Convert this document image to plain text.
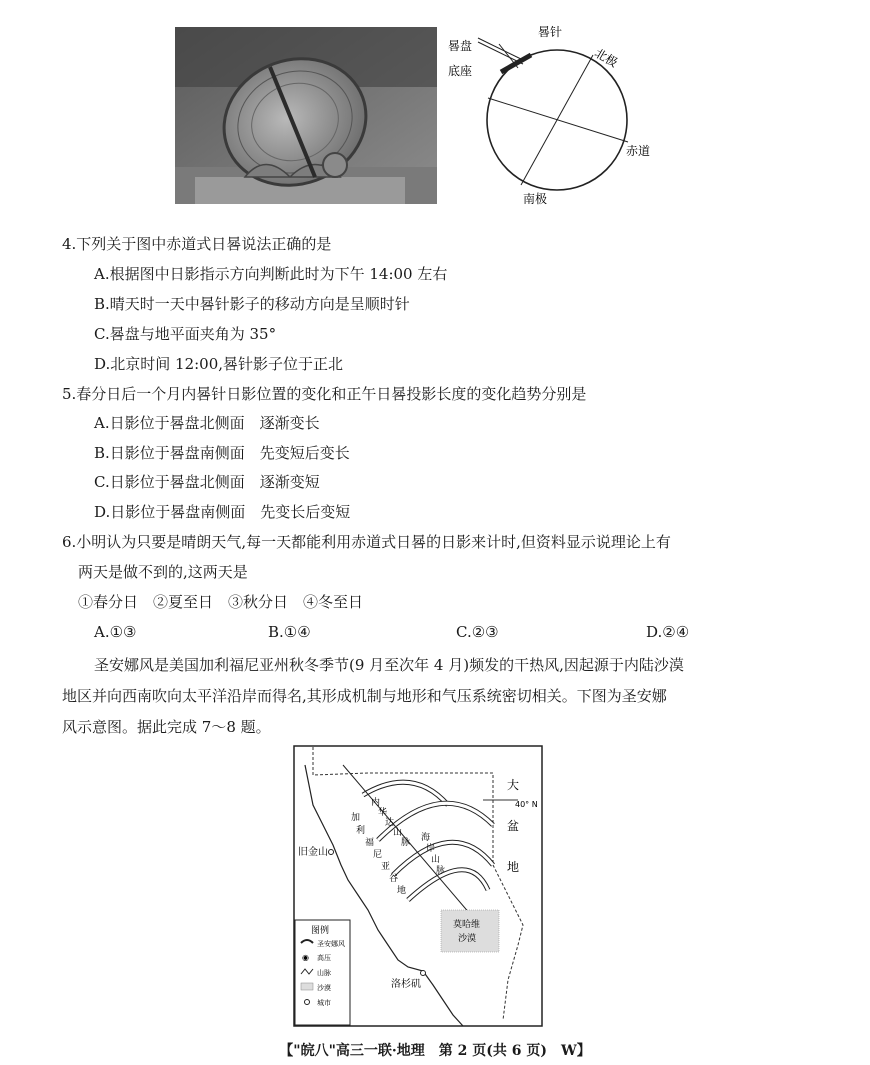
晷盘
晷针
底座
北极
赤道
南极
4.下列关于图中赤道式日晷说法正确的是
A.根据图中日影指示方向判断此时为下午 14:00 左右
B.晴天时一天中晷针影子的移动方向是呈顺时针
C.晷盘与地平面夹角为 35°
D.北京时间 12:00,晷针影子位于正北
5.春分日后一个月内晷针日影位置的变化和正午日晷投影长度的变化趋势分别是
A.日影位于晷盘北侧面　逐渐变长
B.日影位于晷盘南侧面　先变短后变长
C.日影位于晷盘北侧面　逐渐变短
D.日影位于晷盘南侧面　先变长后变短
6.小明认为只要是晴朗天气,每一天都能利用赤道式日晷的日影来计时,但资料显示说理论上有
两天是做不到的,这两天是
①春分日　②夏至日　③秋分日　④冬至日
A.①③	B.①④	C.②③	D.②④
圣安娜风是美国加利福尼亚州秋冬季节(9 月至次年 4 月)频发的干热风,因起源于内陆沙漠
地区并向西南吹向太平洋沿岸而得名,其形成机制与地形和气压系统密切相关。下图为圣安娜
风示意图。据此完成 7～8 题。
40° N
大
盆
地
内
华
达
山
脉
加
利
福
尼
亚
谷
地
海
岸
山
脉
莫哈维
沙漠
旧金山
洛杉矶
图例
圣安娜风
◉ 高压
山脉
沙漠
城市
【"皖八"高三一联·地理　第 2 页(共 6 页)　W】
